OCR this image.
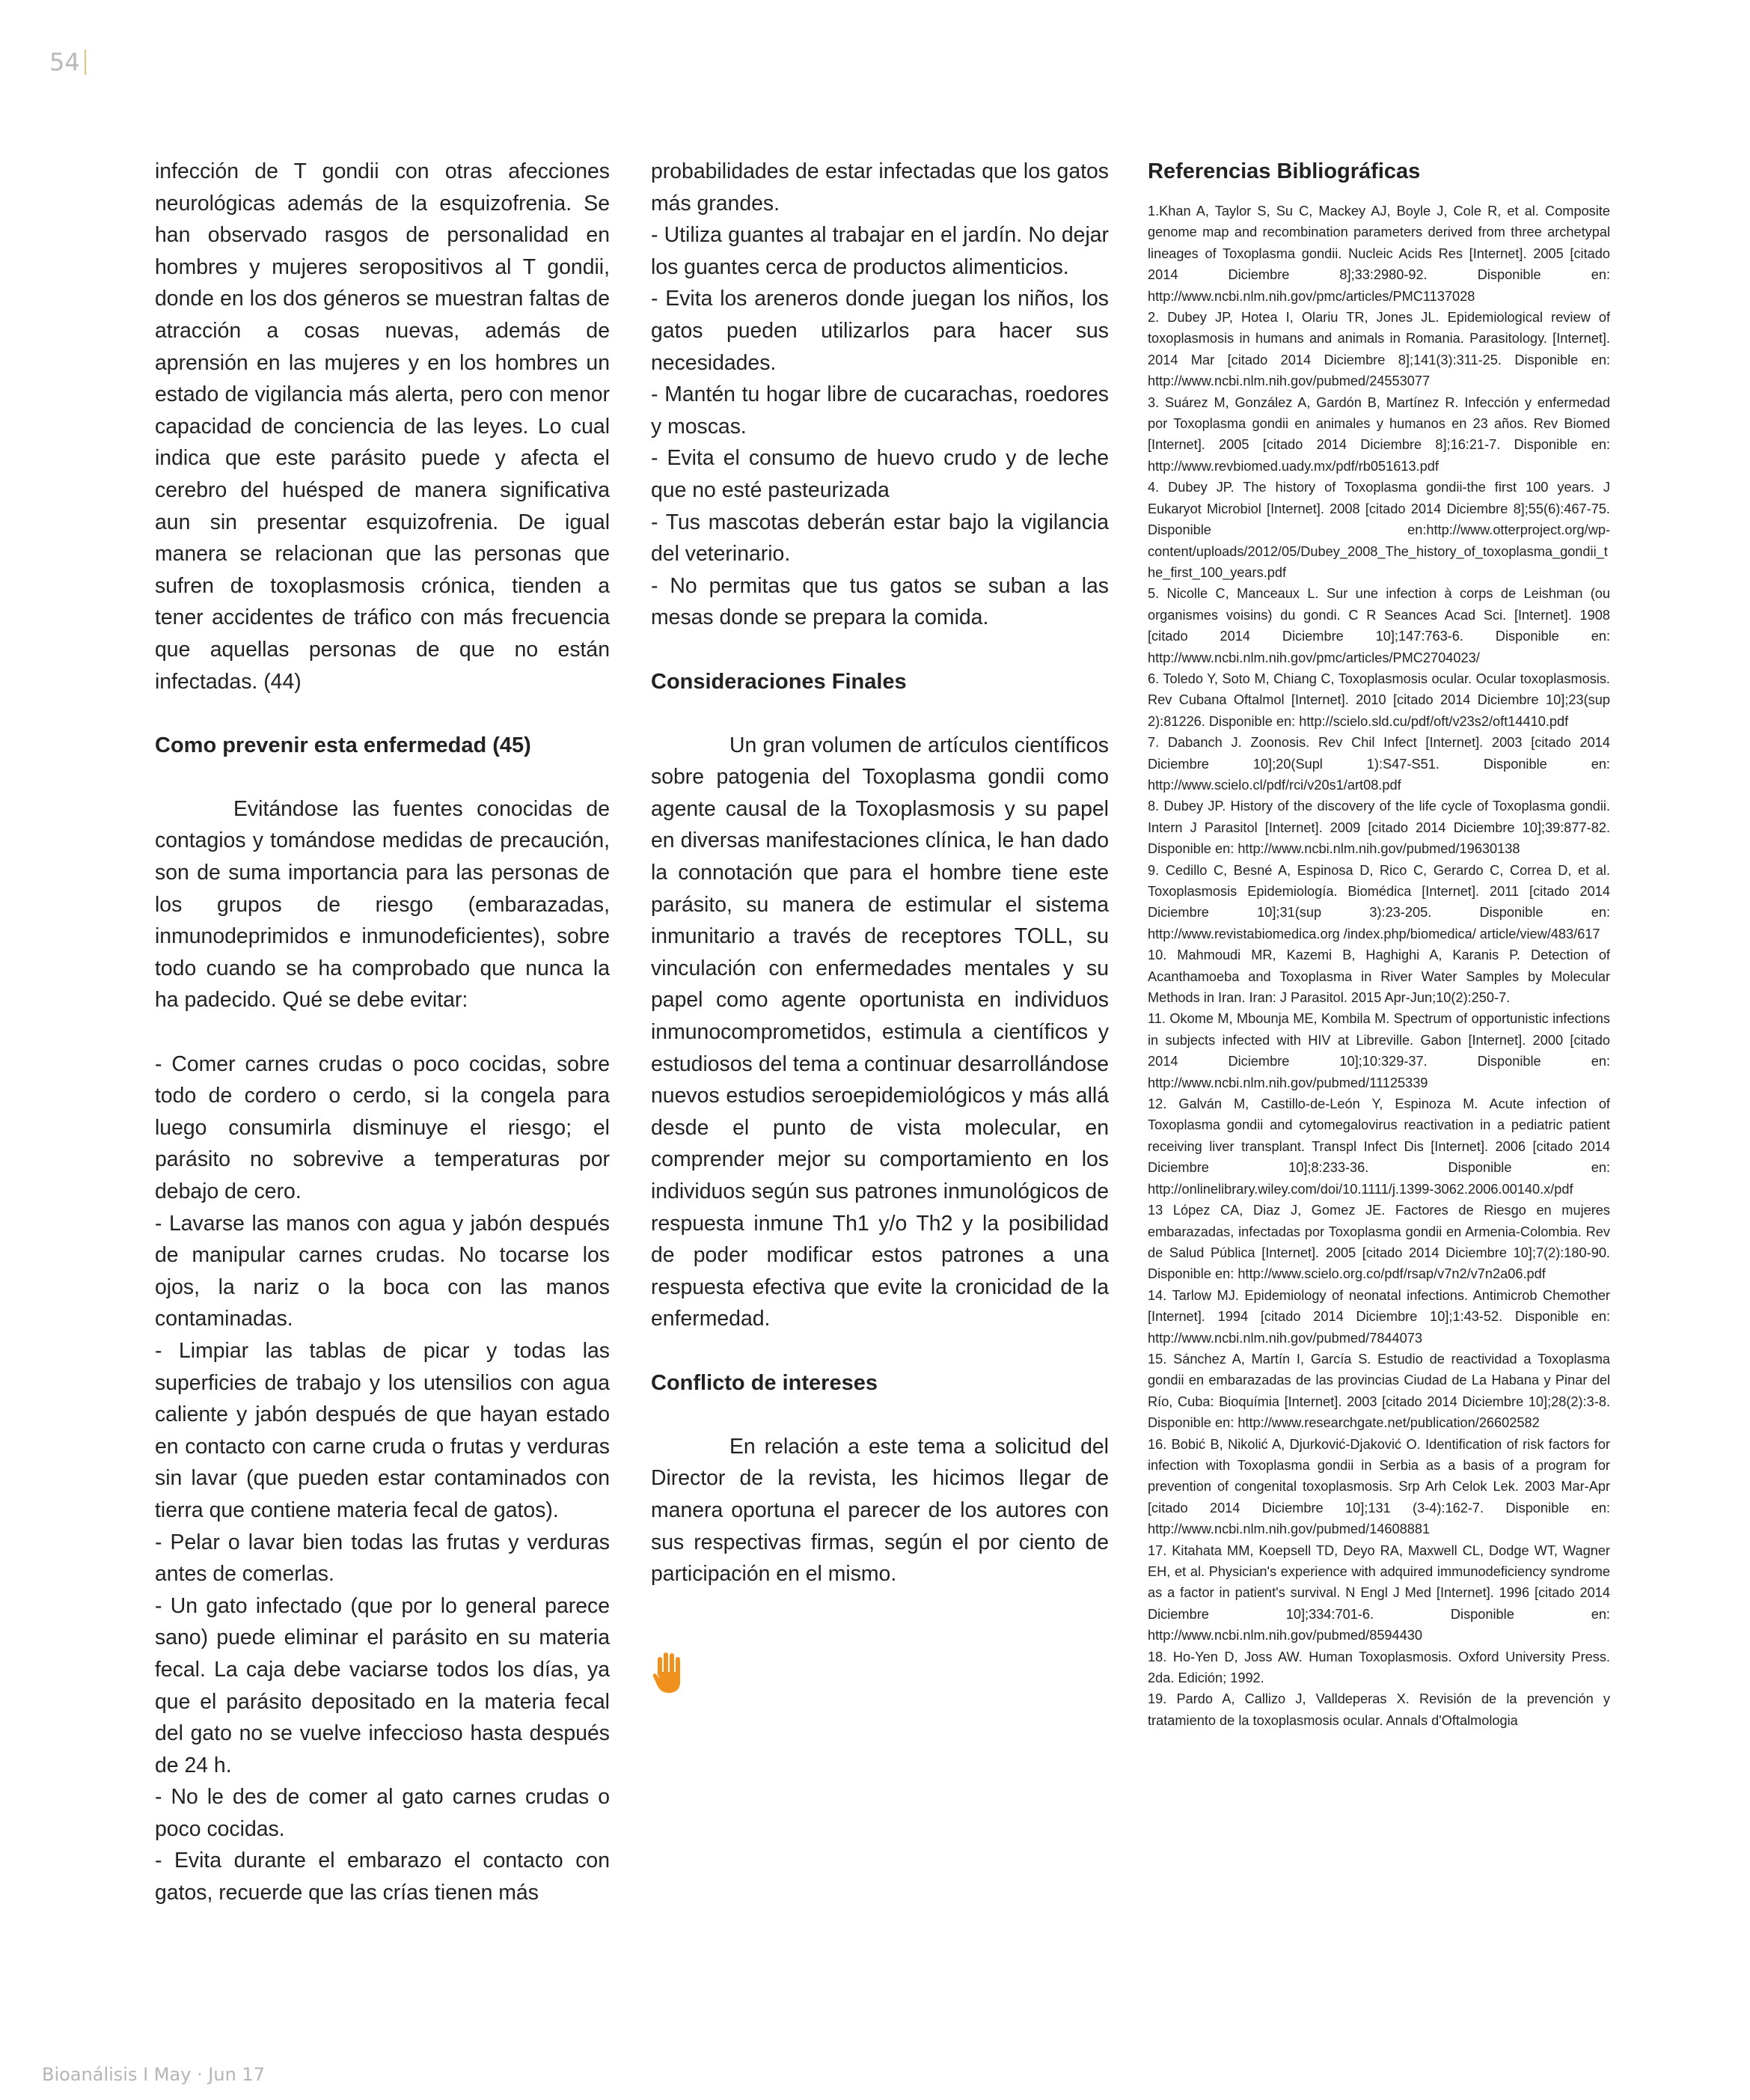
54

infección de T gondii con otras afecciones neurológicas además de la esquizofrenia. Se han observado rasgos de personalidad en hombres y mujeres seropositivos al T gondii, donde en los dos géneros se muestran faltas de atracción a cosas nuevas, además de aprensión en las mujeres y en los hombres un estado de vigilancia más alerta, pero con menor capacidad de conciencia de las leyes. Lo cual indica que este parásito puede y afecta el cerebro del huésped de manera significativa aun sin presentar esquizofrenia. De igual manera se relacionan que las personas que sufren de toxoplasmosis crónica, tienden a tener accidentes de tráfico con más frecuencia que aquellas personas de que no están infectadas. (44)

Como prevenir esta enfermedad (45)

Evitándose las fuentes conocidas de contagios y tomándose medidas de precaución, son de suma importancia para las personas de los grupos de riesgo (embarazadas, inmunodeprimidos e inmunodeficientes), sobre todo cuando se ha comprobado que nunca la ha padecido. Qué se debe evitar:

- Comer carnes crudas o poco cocidas, sobre todo de cordero o cerdo, si la congela para luego consumirla disminuye el riesgo; el parásito no sobrevive a temperaturas por debajo de cero.

- Lavarse las manos con agua y jabón después de manipular carnes crudas. No tocarse los ojos, la nariz o la boca con las manos contaminadas.

- Limpiar las tablas de picar y todas las superficies de trabajo y los utensilios con agua caliente y jabón después de que hayan estado en contacto con carne cruda o frutas y verduras sin lavar (que pueden estar contaminados con tierra que contiene materia fecal de gatos).

- Pelar o lavar bien todas las frutas y verduras antes de comerlas.

- Un gato infectado (que por lo general parece sano) puede eliminar el parásito en su materia fecal. La caja debe vaciarse todos los días, ya que el parásito depositado en la materia fecal del gato no se vuelve infeccioso hasta después de 24 h.

- No le des de comer al gato carnes crudas o poco cocidas.

- Evita durante el embarazo el contacto con gatos, recuerde que las crías tienen más

probabilidades de estar infectadas que los gatos más grandes.

- Utiliza guantes al trabajar en el jardín. No dejar los guantes cerca de productos alimenticios.

- Evita los areneros donde juegan los niños, los gatos pueden utilizarlos para hacer sus necesidades.

- Mantén tu hogar libre de cucarachas, roedores y moscas.

- Evita el consumo de huevo crudo y de leche que no esté pasteurizada

- Tus mascotas deberán estar bajo la vigilancia del veterinario.

- No permitas que tus gatos se suban a las mesas donde se prepara la comida.

Consideraciones Finales

Un gran volumen de artículos científicos sobre patogenia del Toxoplasma gondii como agente causal de la Toxoplasmosis y su papel en diversas manifestaciones clínica, le han dado la connotación que para el hombre tiene este parásito, su manera de estimular el sistema inmunitario a través de receptores TOLL, su vinculación con enfermedades mentales y su papel como agente oportunista en individuos inmunocomprometidos, estimula a científicos y estudiosos del tema a continuar desarrollándose nuevos estudios seroepidemiológicos y más allá desde el punto de vista molecular, en comprender mejor su comportamiento en los individuos según sus patrones inmunológicos de respuesta inmune Th1 y/o Th2 y la posibilidad de poder modificar estos patrones a una respuesta efectiva que evite la cronicidad de la enfermedad.

Conflicto de intereses

En relación a este tema a solicitud del Director de la revista, les hicimos llegar de manera oportuna el parecer de los autores con sus respectivas firmas, según el por ciento de participación en el mismo.

Referencias Bibliográficas
1.Khan A, Taylor S, Su C, Mackey AJ, Boyle J, Cole R, et al. Composite genome map and recombination parameters derived from three archetypal lineages of Toxoplasma gondii. Nucleic Acids Res [Internet]. 2005 [citado 2014 Diciembre 8];33:2980-92. Disponible en: http://www.ncbi.nlm.nih.gov/pmc/articles/PMC1137028
2. Dubey JP, Hotea I, Olariu TR, Jones JL. Epidemiological review of toxoplasmosis in humans and animals in Romania. Parasitology. [Internet]. 2014 Mar [citado 2014 Diciembre 8];141(3):311-25. Disponible en: http://www.ncbi.nlm.nih.gov/pubmed/24553077
3. Suárez M, González A, Gardón B, Martínez R. Infección y enfermedad por Toxoplasma gondii en animales y humanos en 23 años. Rev Biomed [Internet]. 2005 [citado 2014 Diciembre 8];16:21-7. Disponible en: http://www.revbiomed.uady.mx/pdf/rb051613.pdf
4. Dubey JP. The history of Toxoplasma gondii-the first 100 years. J Eukaryot Microbiol [Internet]. 2008 [citado 2014 Diciembre 8];55(6):467-75. Disponible en:http://www.otterproject.org/wp-content/uploads/2012/05/Dubey_2008_The_history_of_toxoplasma_gondii_the_first_100_years.pdf
5. Nicolle C, Manceaux L. Sur une infection à corps de Leishman (ou organismes voisins) du gondi. C R Seances Acad Sci. [Internet]. 1908 [citado 2014 Diciembre 10];147:763-6. Disponible en: http://www.ncbi.nlm.nih.gov/pmc/articles/PMC2704023/
6. Toledo Y, Soto M, Chiang C, Toxoplasmosis ocular. Ocular toxoplasmosis. Rev Cubana Oftalmol [Internet]. 2010 [citado 2014 Diciembre 10];23(sup 2):81226. Disponible en: http://scielo.sld.cu/pdf/oft/v23s2/oft14410.pdf
7. Dabanch J. Zoonosis. Rev Chil Infect [Internet]. 2003 [citado 2014 Diciembre 10];20(Supl 1):S47-S51. Disponible en: http://www.scielo.cl/pdf/rci/v20s1/art08.pdf
8. Dubey JP. History of the discovery of the life cycle of Toxoplasma gondii. Intern J Parasitol [Internet]. 2009 [citado 2014 Diciembre 10];39:877-82. Disponible en: http://www.ncbi.nlm.nih.gov/pubmed/19630138
9. Cedillo C, Besné A, Espinosa D, Rico C, Gerardo C, Correa D, et al. Toxoplasmosis Epidemiología. Biomédica [Internet]. 2011 [citado 2014 Diciembre 10];31(sup 3):23-205. Disponible en: http://www.revistabiomedica.org /index.php/biomedica/ article/view/483/617
10. Mahmoudi MR, Kazemi B, Haghighi A, Karanis P. Detection of Acanthamoeba and Toxoplasma in River Water Samples by Molecular Methods in Iran. Iran: J Parasitol. 2015 Apr-Jun;10(2):250-7.
11. Okome M, Mbounja ME, Kombila M. Spectrum of opportunistic infections in subjects infected with HIV at Libreville. Gabon [Internet]. 2000 [citado 2014 Diciembre 10];10:329-37. Disponible en: http://www.ncbi.nlm.nih.gov/pubmed/11125339
12. Galván M, Castillo-de-León Y, Espinoza M. Acute infection of Toxoplasma gondii and cytomegalovirus reactivation in a pediatric patient receiving liver transplant. Transpl Infect Dis [Internet]. 2006 [citado 2014 Diciembre 10];8:233-36. Disponible en: http://onlinelibrary.wiley.com/doi/10.1111/j.1399-3062.2006.00140.x/pdf
13 López CA, Diaz J, Gomez JE. Factores de Riesgo en mujeres embarazadas, infectadas por Toxoplasma gondii en Armenia-Colombia. Rev de Salud Pública [Internet]. 2005 [citado 2014 Diciembre 10];7(2):180-90. Disponible en: http://www.scielo.org.co/pdf/rsap/v7n2/v7n2a06.pdf
14. Tarlow MJ. Epidemiology of neonatal infections. Antimicrob Chemother [Internet]. 1994 [citado 2014 Diciembre 10];1:43-52. Disponible en: http://www.ncbi.nlm.nih.gov/pubmed/7844073
15. Sánchez A, Martín I, García S. Estudio de reactividad a Toxoplasma gondii en embarazadas de las provincias Ciudad de La Habana y Pinar del Río, Cuba: Bioquímia [Internet]. 2003 [citado 2014 Diciembre 10];28(2):3-8. Disponible en: http://www.researchgate.net/publication/26602582
16. Bobić B, Nikolić A, Djurković-Djaković O. Identification of risk factors for infection with Toxoplasma gondii in Serbia as a basis of a program for prevention of congenital toxoplasmosis. Srp Arh Celok Lek. 2003 Mar-Apr [citado 2014 Diciembre 10];131 (3-4):162-7. Disponible en: http://www.ncbi.nlm.nih.gov/pubmed/14608881
17. Kitahata MM, Koepsell TD, Deyo RA, Maxwell CL, Dodge WT, Wagner EH, et al. Physician's experience with adquired immunodeficiency syndrome as a factor in patient's survival. N Engl J Med [Internet]. 1996 [citado 2014 Diciembre 10];334:701-6. Disponible en: http://www.ncbi.nlm.nih.gov/pubmed/8594430
18. Ho-Yen D, Joss AW. Human Toxoplasmosis. Oxford University Press. 2da. Edición; 1992.
19. Pardo A, Callizo J, Valldeperas X. Revisión de la prevención y tratamiento de la toxoplasmosis ocular. Annals d'Oftalmologia
Bioanálisis I May · Jun 17
